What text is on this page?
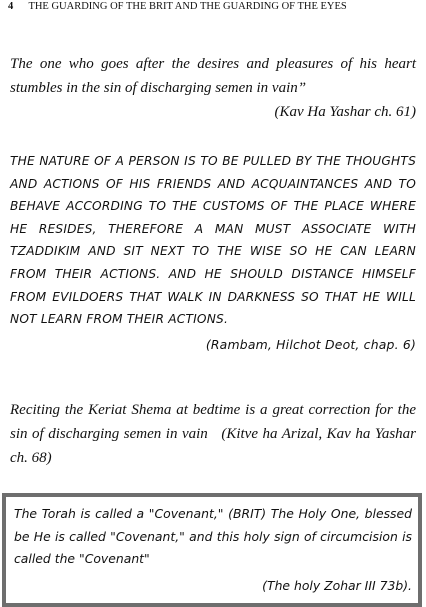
4 THE GUARDING OF THE BRIT AND THE GUARDING OF THE EYES
The one who goes after the desires and pleasures of his heart stumbles in the sin of discharging semen in vain”
(Kav Ha Yashar ch. 61)
THE NATURE OF A PERSON IS TO BE PULLED BY THE THOUGHTS AND ACTIONS OF HIS FRIENDS AND ACQUAINTANCES AND TO BEHAVE ACCORDING TO THE CUSTOMS OF THE PLACE WHERE HE RESIDES, THEREFORE A MAN MUST ASSOCIATE WITH TZADDIKIM AND SIT NEXT TO THE WISE SO HE CAN LEARN FROM THEIR ACTIONS. AND HE SHOULD DISTANCE HIMSELF FROM EVILDOERS THAT WALK IN DARKNESS SO THAT HE WILL NOT LEARN FROM THEIR ACTIONS.
(Rambam, Hilchot Deot, chap. 6)
Reciting the Keriat Shema at bedtime is a great correction for the sin of discharging semen in vain (Kitve ha Arizal, Kav ha Yashar ch. 68)
The Torah is called a "Covenant," (BRIT) The Holy One, blessed be He is called "Covenant," and this holy sign of circumcision is called the "Covenant"
(The holy Zohar III 73b).
